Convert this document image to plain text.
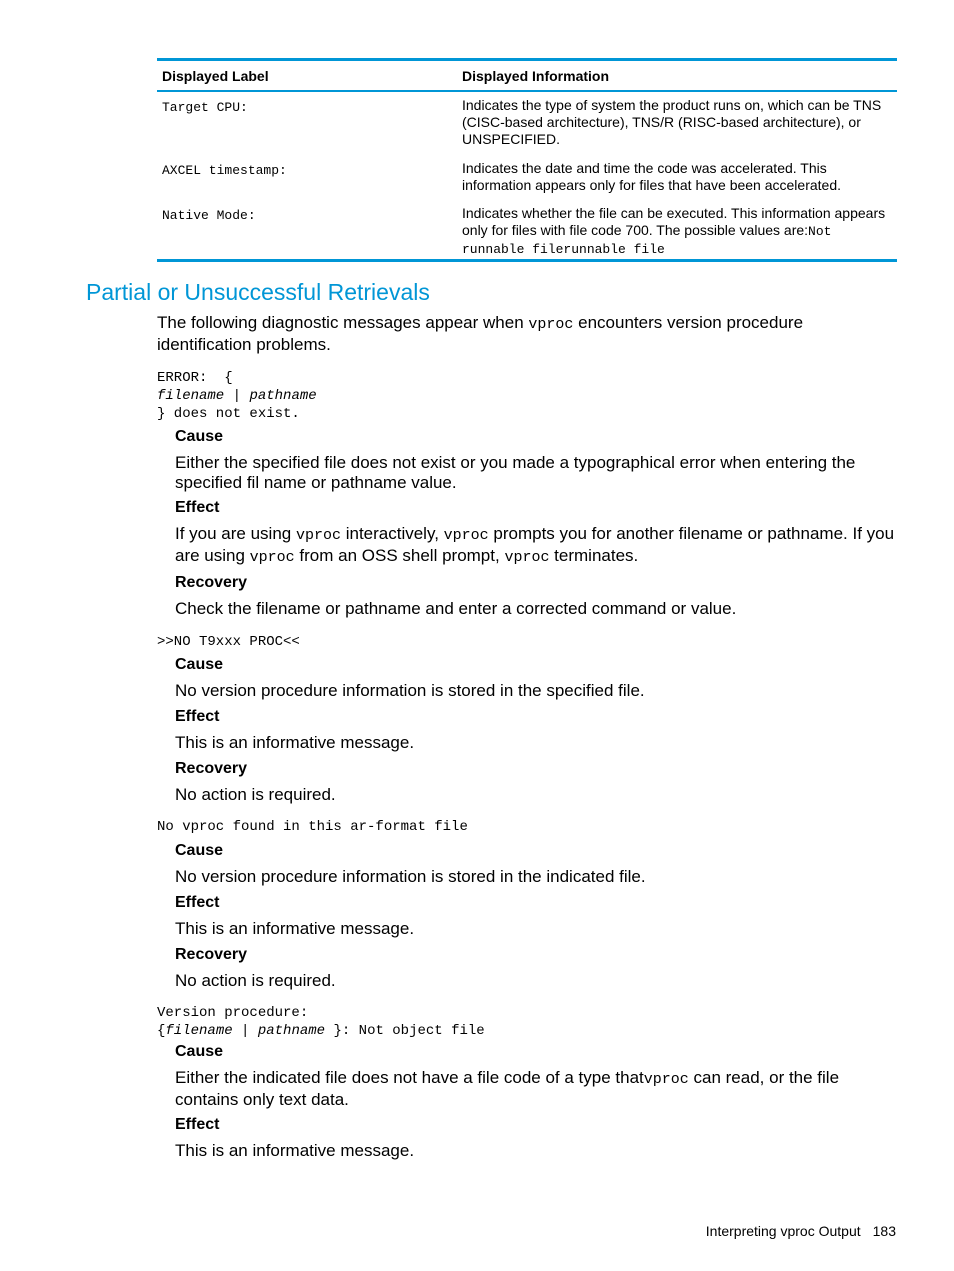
Displayed Label	Displayed Information
Target CPU:	Indicates the type of system the product runs on, which can be TNS (CISC-based architecture), TNS/R (RISC-based architecture), or UNSPECIFIED.
AXCEL timestamp:	Indicates the date and time the code was accelerated. This information appears only for files that have been accelerated.
Native Mode:	Indicates whether the file can be executed. This information appears only for files with file code 700. The possible values are:Not runnable filerunnable file
Partial or Unsuccessful Retrievals

The following diagnostic messages appear when vproc encounters version procedure identification problems.

ERROR:  {
filename | pathname
} does not exist.

Cause

Either the specified file does not exist or you made a typographical error when entering the specified fil name or pathname value.

Effect

If you are using vproc interactively, vproc prompts you for another filename or pathname. If you are using vproc from an OSS shell prompt, vproc terminates.

Recovery

Check the filename or pathname and enter a corrected command or value.

>>NO T9xxx PROC<<

Cause

No version procedure information is stored in the specified file.

Effect

This is an informative message.

Recovery

No action is required.

No vproc found in this ar-format file

Cause

No version procedure information is stored in the indicated file.

Effect

This is an informative message.

Recovery

No action is required.

Version procedure:
{filename | pathname }: Not object file

Cause

Either the indicated file does not have a file code of a type thatvproc can read, or the file contains only text data.

Effect

This is an informative message.

Interpreting vproc Output 183
